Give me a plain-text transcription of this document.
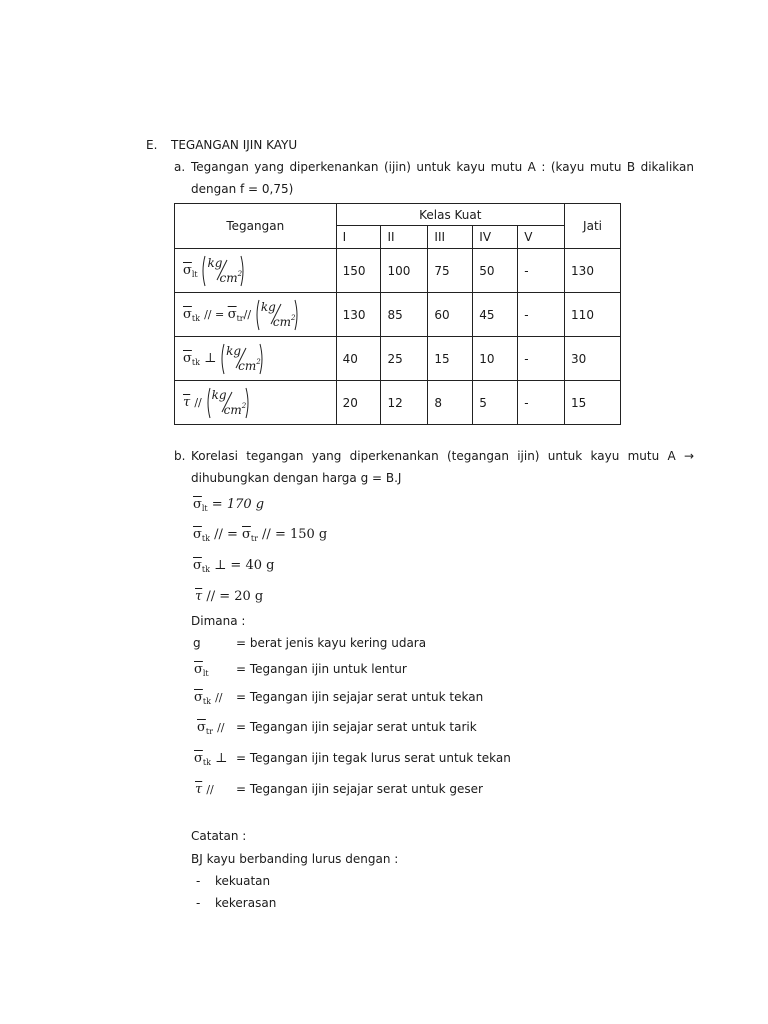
E. TEGANGAN IJIN KAYU
a. Tegangan yang diperkenankan (ijin) untuk kayu mutu A : (kayu mutu B dikalikan
dengan f = 0,75)
Tegangan	Kelas Kuat					Jati
	I	II	III	IV	V	
$\overline{\sigma}_{lt}$
kg
$cm^2$	150	100	75	50	-	130
$\overline{\sigma}_{tk}$ // = $\overline{\sigma}_{tr}//$
kg
$cm^2$	130	85	60	45	-	110
$\overline{\sigma}_{tk}$ ⊥
kg
$cm^2$	40	25	15	10	-	30
$\overline{\tau}$ //
kg
$cm^2$	20	12	8	5	-	15
b. Korelasi tegangan yang diperkenankan (tegangan ijin) untuk kayu mutu A →
dihubungkan dengan harga g = B.J
$\overline{\sigma}_{lt} = 170$ g
$\overline{\sigma}_{tk}$ // = $\overline{\sigma}_{tr}$ // = 150 g
$\overline{\sigma}_{tk}$ ⊥ = 40 g
$\overline{\tau}$ // = 20 g
Dimana :
g	= berat jenis kayu kering udara
$\overline{\sigma}_{lt}$ = Tegangan ijin untuk lentur
$\overline{\sigma}_{tk}$ // = Tegangan ijin sejajar serat untuk tekan
$\overline{\sigma}_{tr}$ // = Tegangan ijin sejajar serat untuk tarik
$\overline{\sigma}_{tk}$ ⊥ = Tegangan ijin tegak lurus serat untuk tekan
$\overline{\tau}$ // = Tegangan ijin sejajar serat untuk geser
Catatan :
BJ kayu berbanding lurus dengan :
- kekuatan
- kekerasan
